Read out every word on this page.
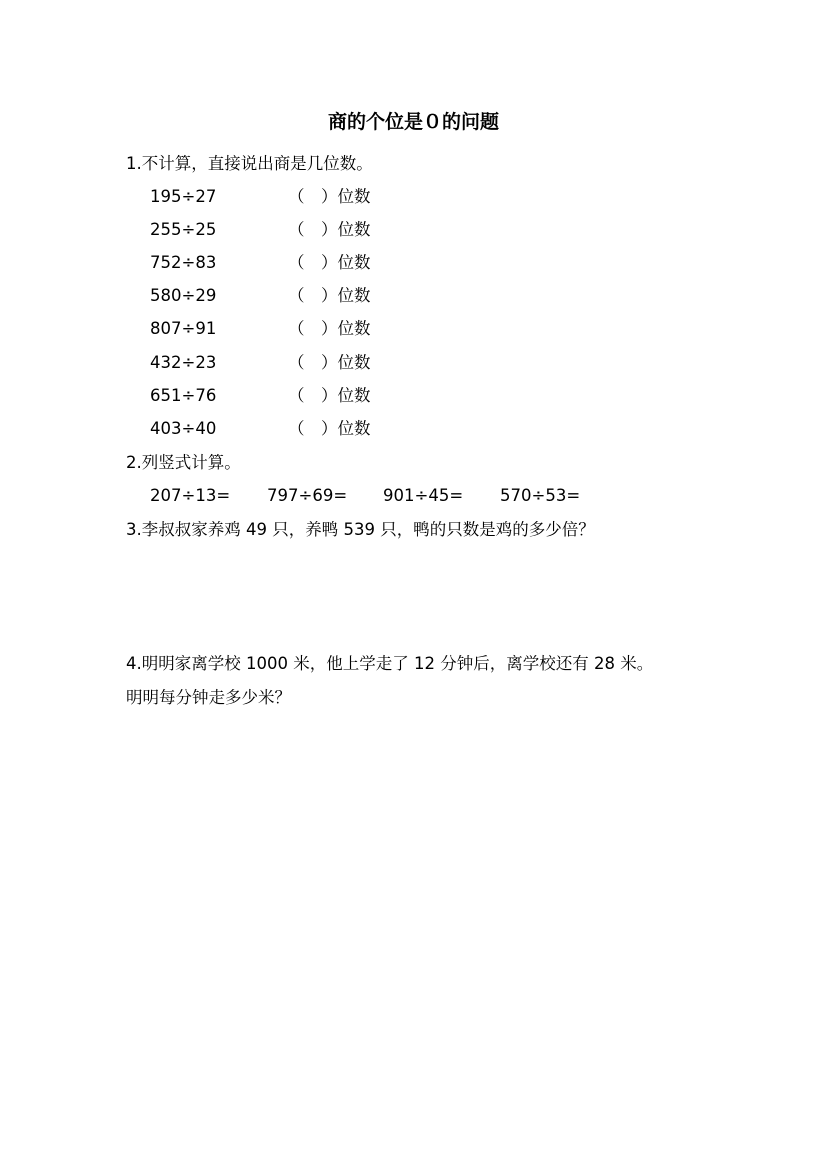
商的个位是０的问题
1.不计算，直接说出商是几位数。
195÷27	（　）位数
255÷25	（　）位数
752÷83	（　）位数
580÷29	（　）位数
807÷91	（　）位数
432÷23	（　）位数
651÷76	（　）位数
403÷40	（　）位数
2.列竖式计算。
207÷13= 797÷69= 901÷45= 570÷53=
3.李叔叔家养鸡 49 只，养鸭 539 只，鸭的只数是鸡的多少倍？
4.明明家离学校 1000 米，他上学走了 12 分钟后，离学校还有 28 米。
明明每分钟走多少米？
